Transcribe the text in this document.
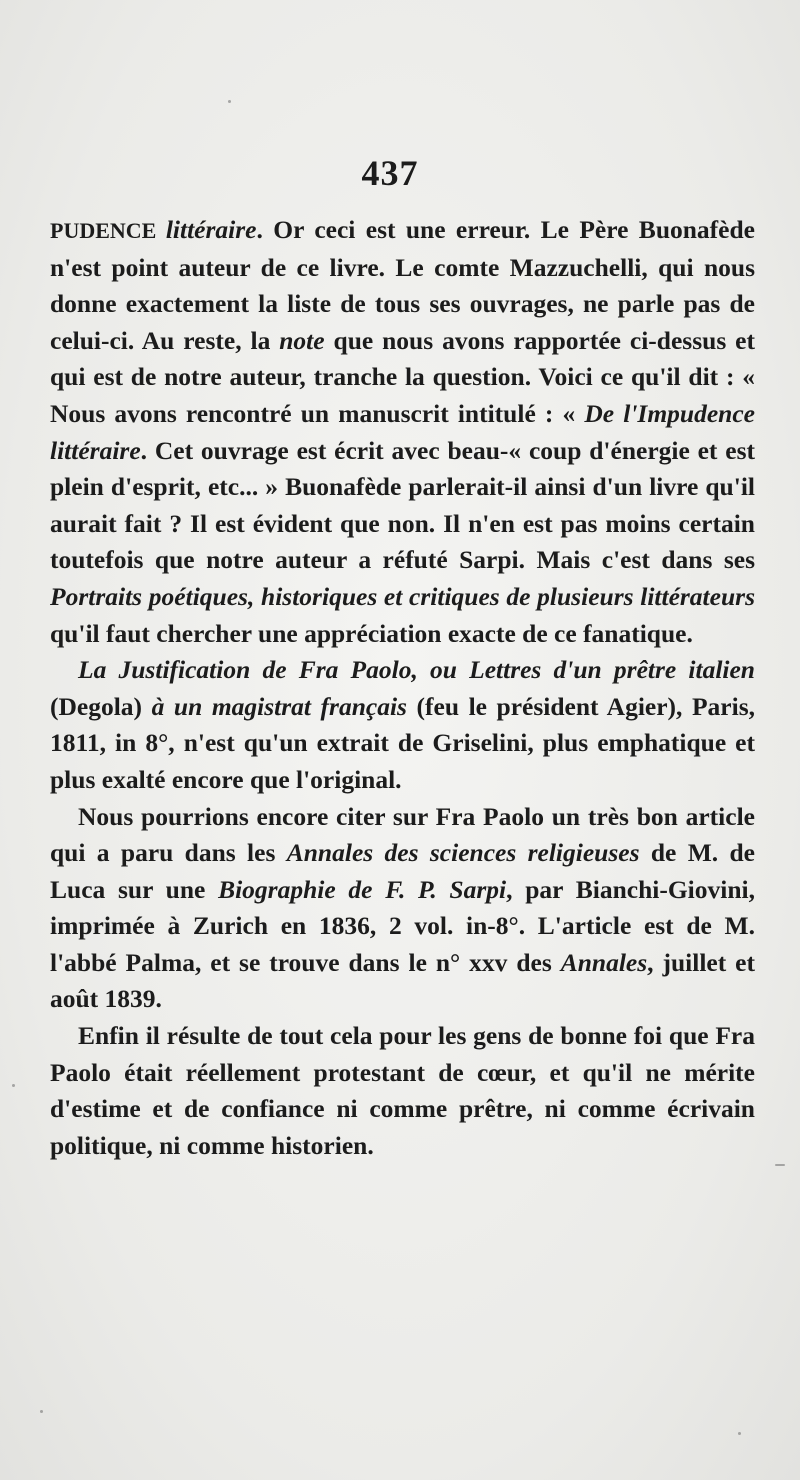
437

PUDENCE littéraire. Or ceci est une erreur. Le Père Buonafède n'est point auteur de ce livre. Le comte Mazzuchelli, qui nous donne exactement la liste de tous ses ouvrages, ne parle pas de celui-ci. Au reste, la note que nous avons rapportée ci-dessus et qui est de notre auteur, tranche la question. Voici ce qu'il dit : « Nous avons rencontré un manuscrit intitulé : « De l'Impudence littéraire. Cet ouvrage est écrit avec beau-« coup d'énergie et est plein d'esprit, etc... » Buonafède parlerait-il ainsi d'un livre qu'il aurait fait ? Il est évident que non. Il n'en est pas moins certain toutefois que notre auteur a réfuté Sarpi. Mais c'est dans ses Portraits poétiques, historiques et critiques de plusieurs littérateurs qu'il faut chercher une appréciation exacte de ce fanatique.

La Justification de Fra Paolo, ou Lettres d'un prêtre italien (Degola) à un magistrat français (feu le président Agier), Paris, 1811, in 8°, n'est qu'un extrait de Griselini, plus emphatique et plus exalté encore que l'original.

Nous pourrions encore citer sur Fra Paolo un très bon article qui a paru dans les Annales des sciences religieuses de M. de Luca sur une Biographie de F. P. Sarpi, par Bianchi-Giovini, imprimée à Zurich en 1836, 2 vol. in-8°. L'article est de M. l'abbé Palma, et se trouve dans le n° xxv des Annales, juillet et août 1839.

Enfin il résulte de tout cela pour les gens de bonne foi que Fra Paolo était réellement protestant de cœur, et qu'il ne mérite d'estime et de confiance ni comme prêtre, ni comme écrivain politique, ni comme historien.
